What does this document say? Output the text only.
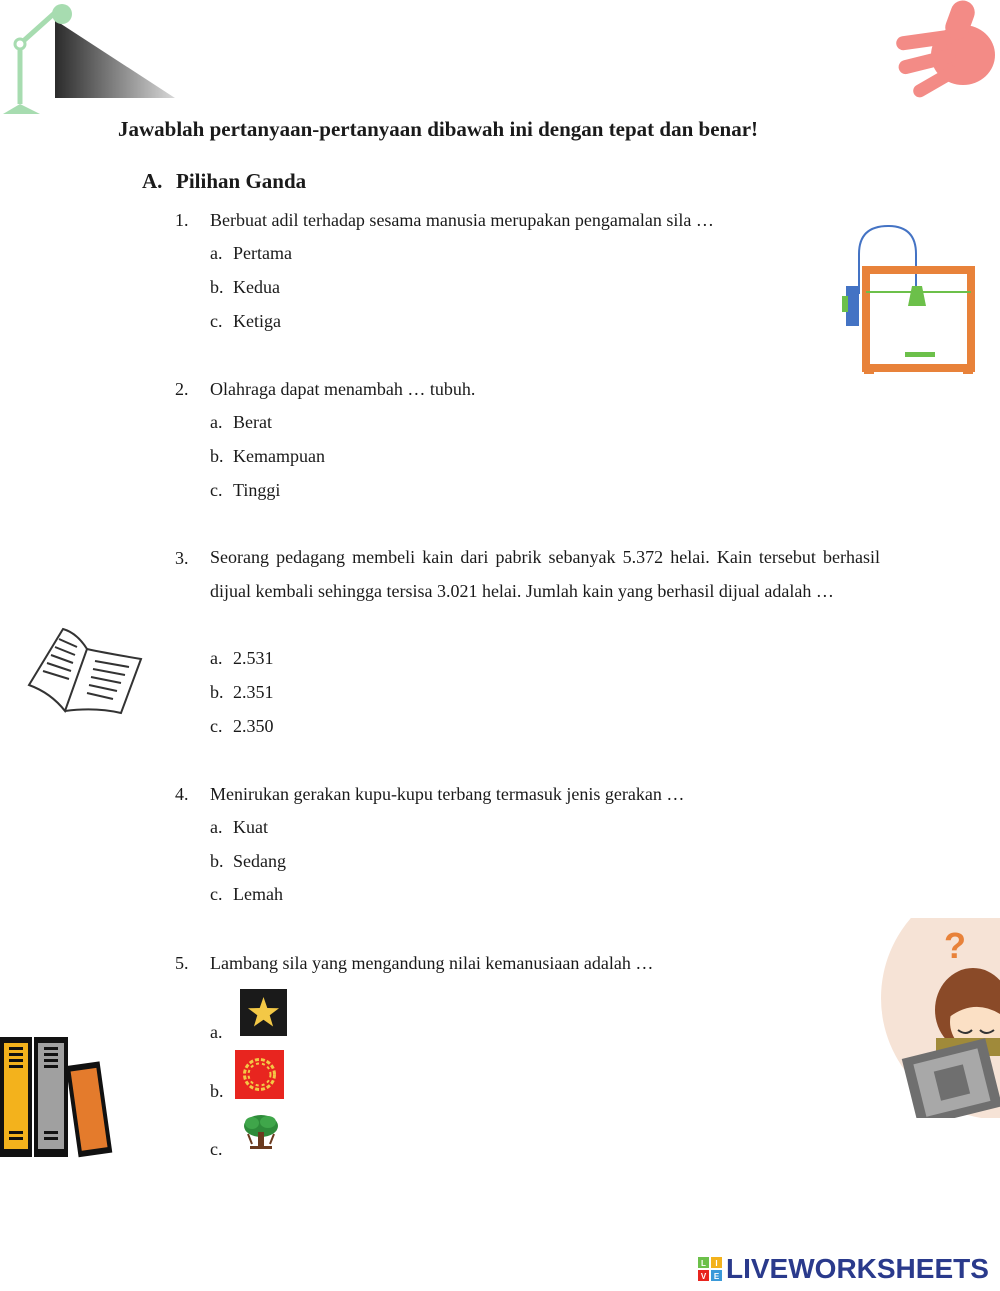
?
Jawablah pertanyaan-pertanyaan dibawah ini dengan tepat dan benar!
A. Pilihan Ganda
1. Berbuat adil terhadap sesama manusia merupakan pengamalan sila …
a. Pertama
b. Kedua
c. Ketiga
2. Olahraga dapat menambah … tubuh.
a. Berat
b. Kemampuan
c. Tinggi
3. Seorang pedagang membeli kain dari pabrik sebanyak 5.372 helai. Kain tersebut berhasil dijual kembali sehingga tersisa 3.021 helai. Jumlah kain yang berhasil dijual adalah …
a. 2.531
b. 2.351
c. 2.350
4. Menirukan gerakan kupu-kupu terbang termasuk jenis gerakan …
a. Kuat
b. Sedang
c. Lemah
5. Lambang sila yang mengandung nilai kemanusiaan adalah …
a.
b.
c.
L I
V E LIVEWORKSHEETS
